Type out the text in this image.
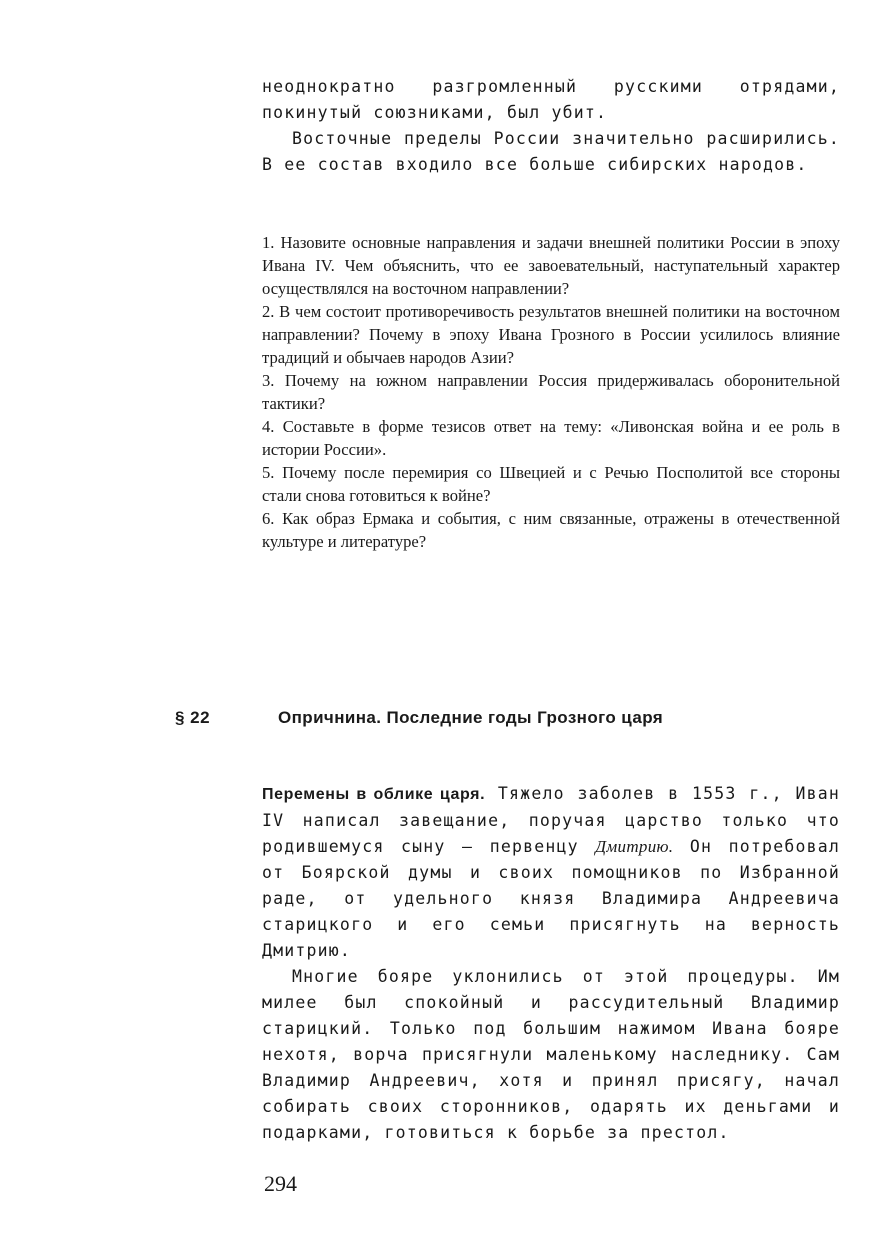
неоднократно разгромленный русскими отрядами, покинутый союзниками, был убит.

Восточные пределы России значительно расширились. В ее состав входило все больше сибирских народов.

1. Назовите основные направления и задачи внешней политики России в эпоху Ивана IV. Чем объяснить, что ее завоевательный, наступательный характер осуществлялся на восточном направлении?

2. В чем состоит противоречивость результатов внешней политики на восточном направлении? Почему в эпоху Ивана Грозного в России усилилось влияние традиций и обычаев народов Азии?

3. Почему на южном направлении Россия придерживалась оборонительной тактики?

4. Составьте в форме тезисов ответ на тему: «Ливонская война и ее роль в истории России».

5. Почему после перемирия со Швецией и с Речью Посполитой все стороны стали снова готовиться к войне?

6. Как образ Ермака и события, с ним связанные, отражены в отечественной культуре и литературе?

§ 22	Опричнина. Последние годы Грозного царя

Перемены в облике царя. Тяжело заболев в 1553 г., Иван IV написал завещание, поручая царство только что родившемуся сыну — первенцу Дмитрию. Он потребовал от Боярской думы и своих помощников по Избранной раде, от удельного князя Владимира Андреевича старицкого и его семьи присягнуть на верность Дмитрию.

Многие бояре уклонились от этой процедуры. Им милее был спокойный и рассудительный Владимир старицкий. Только под большим нажимом Ивана бояре нехотя, ворча присягнули маленькому наследнику. Сам Владимир Андреевич, хотя и принял присягу, начал собирать своих сторонников, одарять их деньгами и подарками, готовиться к борьбе за престол.

294
